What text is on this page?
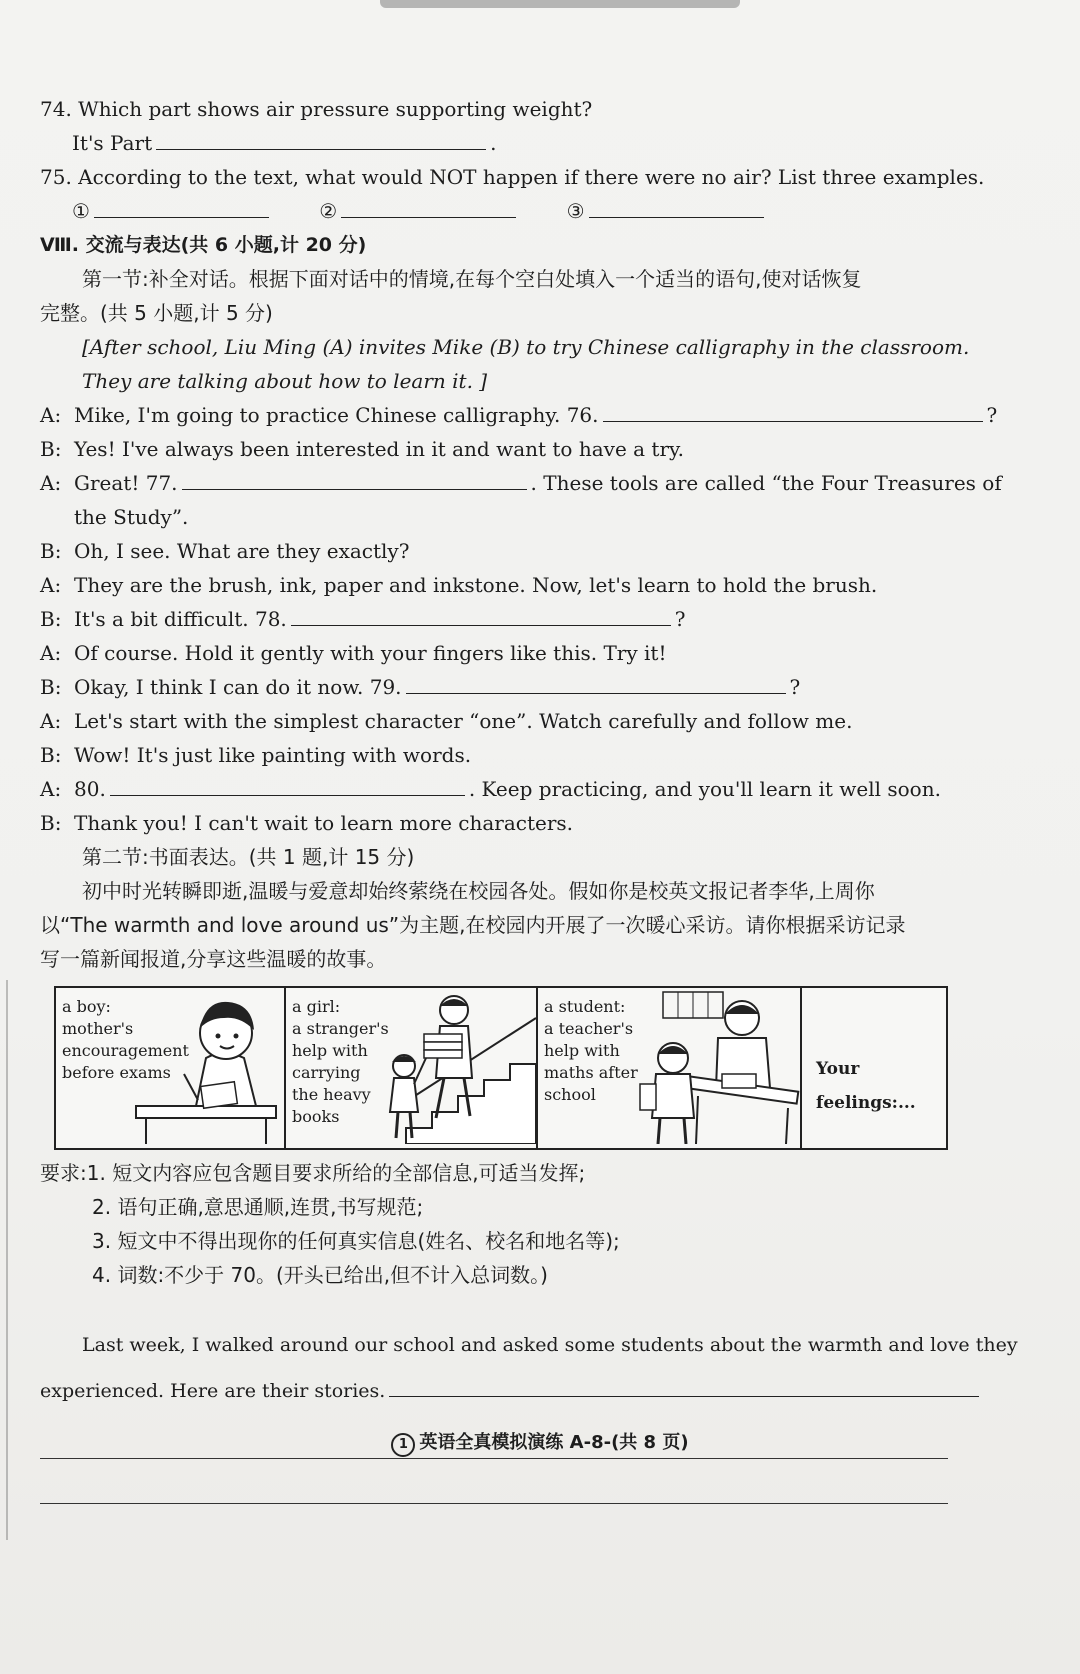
74. Which part shows air pressure supporting weight?
It's Part	.
75. According to the text, what would NOT happen if there were no air? List three examples.
①	②	③
Ⅷ. 交流与表达(共 6 小题,计 20 分)
第一节:补全对话。根据下面对话中的情境,在每个空白处填入一个适当的语句,使对话恢复
完整。(共 5 小题,计 5 分)
[After school, Liu Ming (A) invites Mike (B) to try Chinese calligraphy in the classroom. They are talking about how to learn it. ]
A: Mike, I'm going to practice Chinese calligraphy. 76.	?
B: Yes! I've always been interested in it and want to have a try.
A: Great! 77.	. These tools are called “the Four Treasures of the Study”.
B: Oh, I see. What are they exactly?
A: They are the brush, ink, paper and inkstone. Now, let's learn to hold the brush.
B: It's a bit difficult. 78.	?
A: Of course. Hold it gently with your fingers like this. Try it!
B: Okay, I think I can do it now. 79.	?
A: Let's start with the simplest character “one”. Watch carefully and follow me.
B: Wow! It's just like painting with words.
A: 80.	. Keep practicing, and you'll learn it well soon.
B: Thank you! I can't wait to learn more characters.
第二节:书面表达。(共 1 题,计 15 分)
初中时光转瞬即逝,温暖与爱意却始终萦绕在校园各处。假如你是校英文报记者李华,上周你
以“The warmth and love around us”为主题,在校园内开展了一次暖心采访。请你根据采访记录
写一篇新闻报道,分享这些温暖的故事。
a boy:
mother's
encouragement
before exams
a girl:
a stranger's
help with
carrying
the heavy
books
a student:
a teacher's
help with
maths after
school
Your feelings:...
要求:1. 短文内容应包含题目要求所给的全部信息,可适当发挥;
2. 语句正确,意思通顺,连贯,书写规范;
3. 短文中不得出现你的任何真实信息(姓名、校名和地名等);
4. 词数:不少于 70。(开头已给出,但不计入总词数。)
Last week, I walked around our school and asked some students about the warmth and love they
experienced. Here are their stories.
1 英语全真模拟演练 A-8-(共 8 页)
